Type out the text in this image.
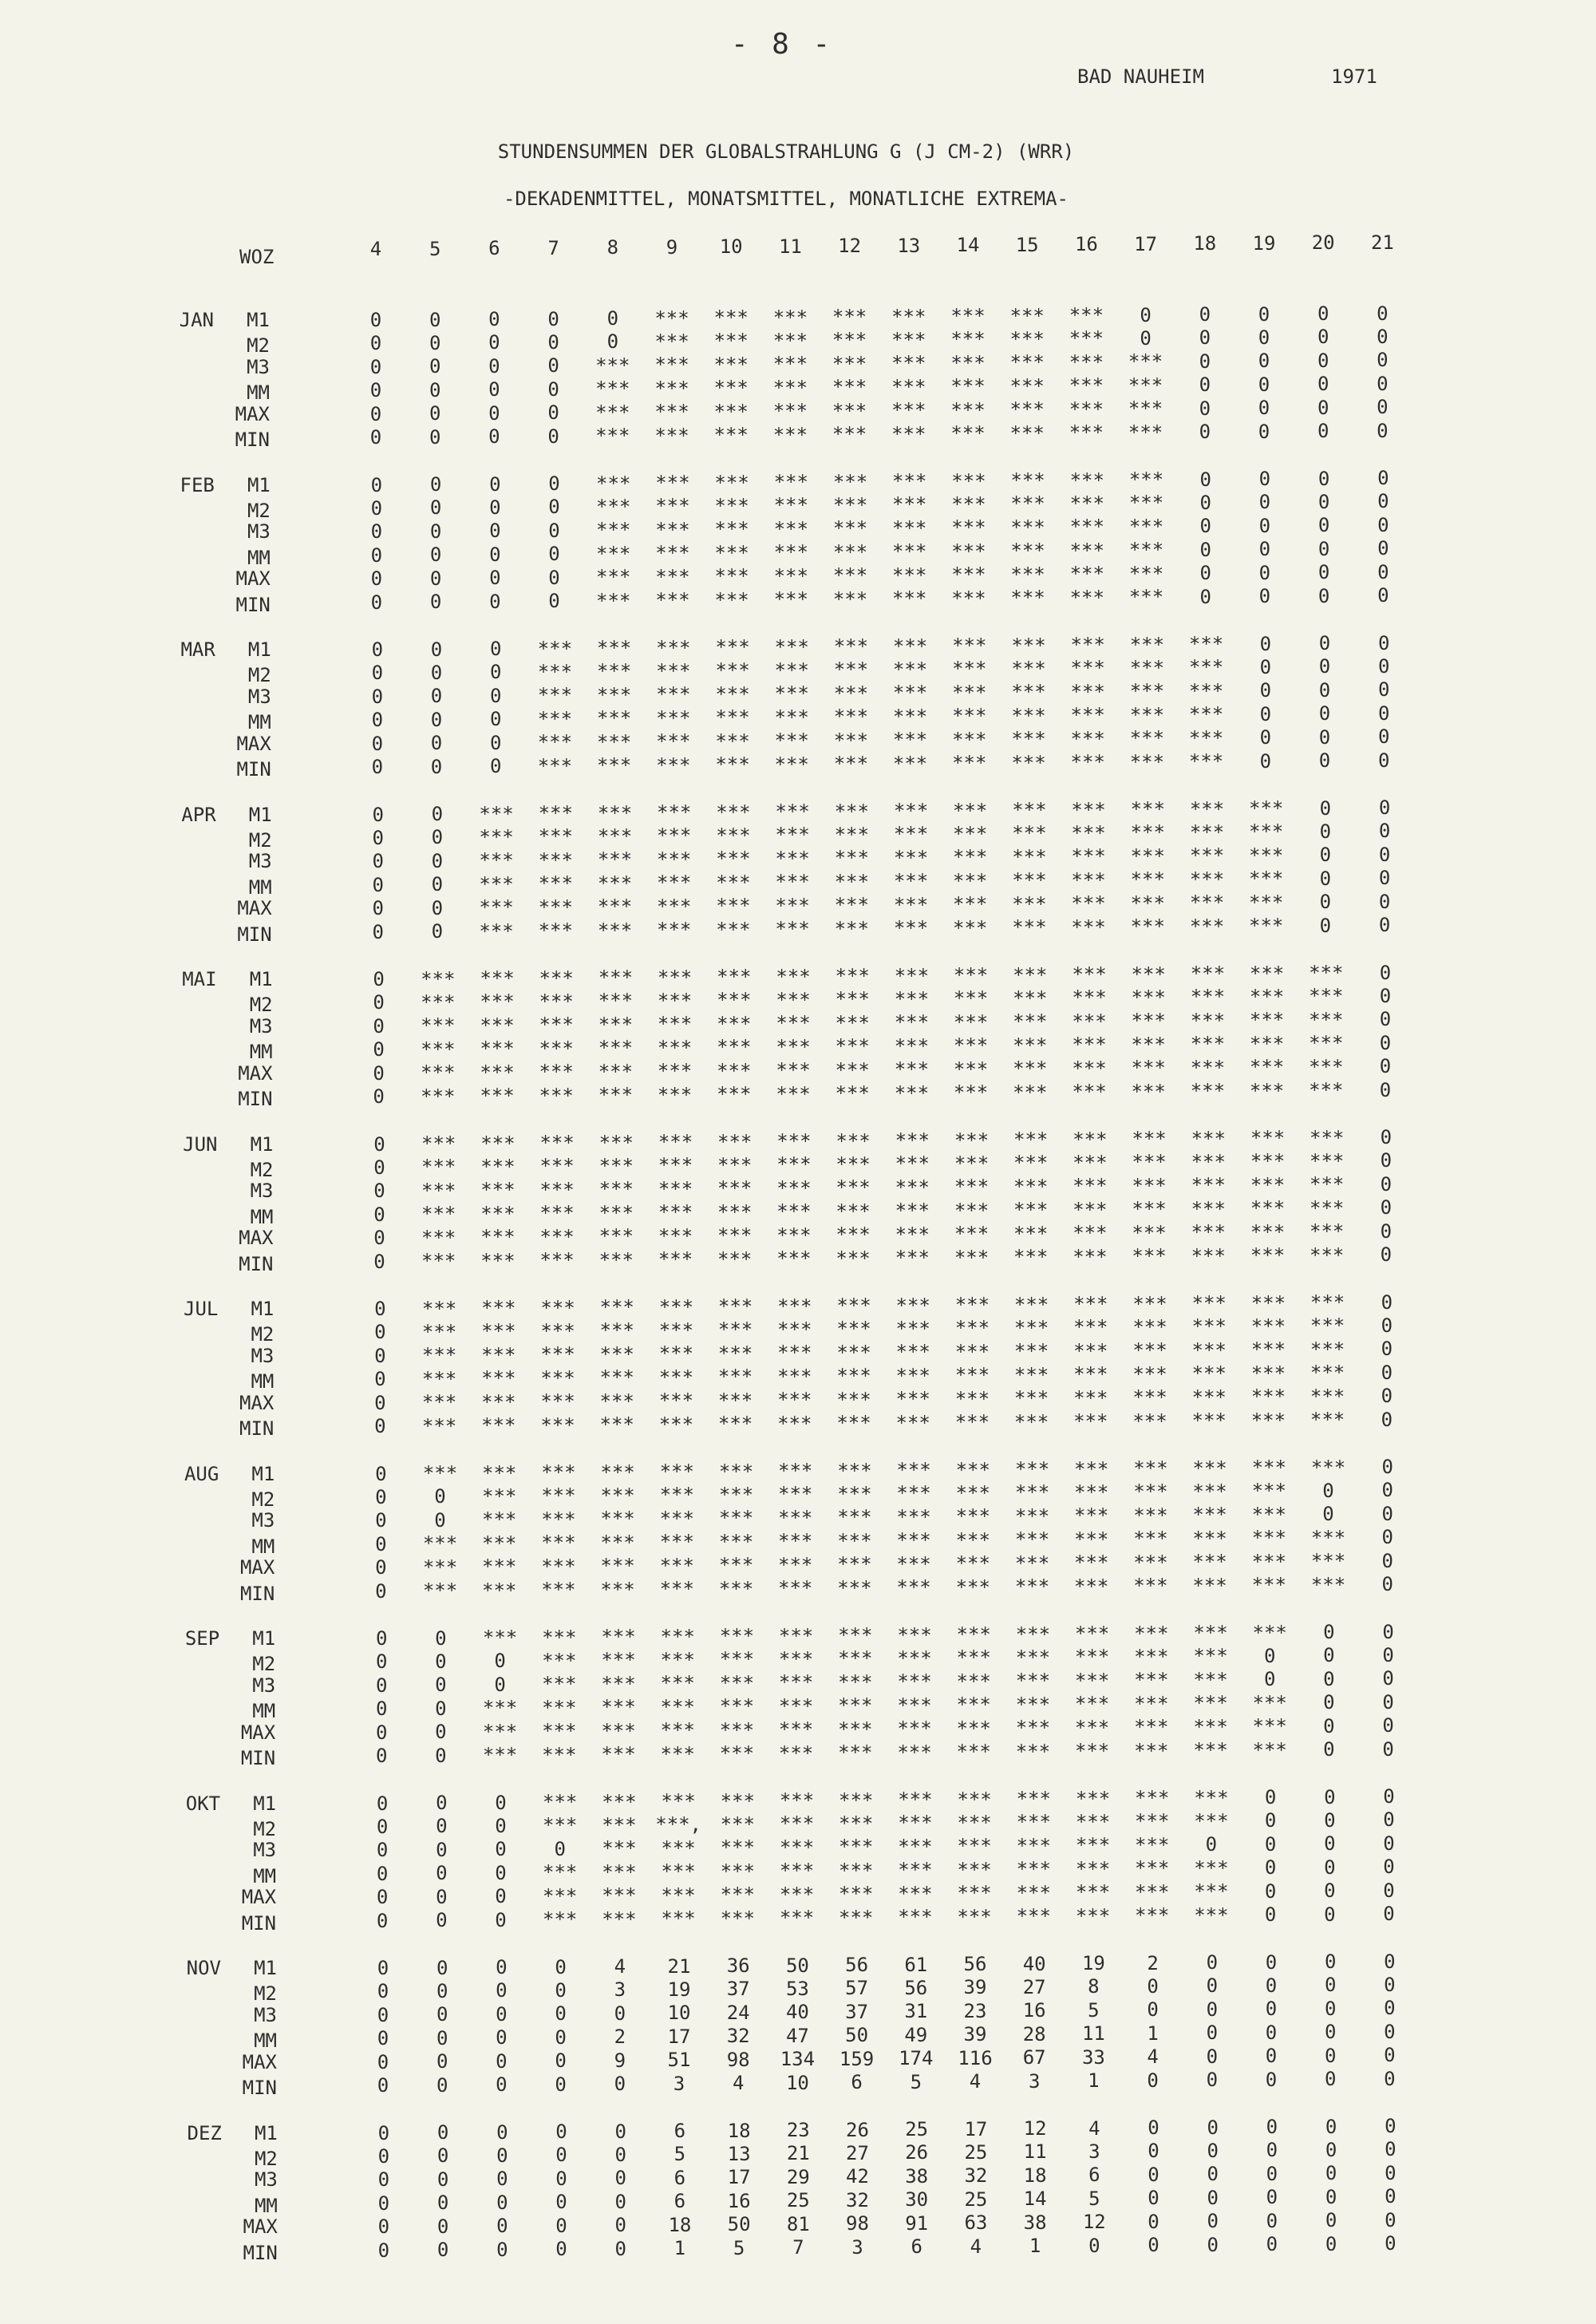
- 8 -
BAD NAUHEIM	1971
STUNDENSUMMEN DER GLOBALSTRAHLUNG G (J CM-2) (WRR)
-DEKADENMITTEL, MONATSMITTEL, MONATLICHE EXTREMA-
WOZ	4	5	6	7	8	9	10	11	12	13	14	15	16	17	18	19	20	21
JAN	M1	0	0	0	0	0	***	***	***	***	***	***	***	***	0	0	0	0	0
M2	0	0	0	0	0	***	***	***	***	***	***	***	***	0	0	0	0	0
M3	0	0	0	0	***	***	***	***	***	***	***	***	***	***	0	0	0	0
MM	0	0	0	0	***	***	***	***	***	***	***	***	***	***	0	0	0	0
MAX	0	0	0	0	***	***	***	***	***	***	***	***	***	***	0	0	0	0
MIN	0	0	0	0	***	***	***	***	***	***	***	***	***	***	0	0	0	0
FEB	M1	0	0	0	0	***	***	***	***	***	***	***	***	***	***	0	0	0	0
M2	0	0	0	0	***	***	***	***	***	***	***	***	***	***	0	0	0	0
M3	0	0	0	0	***	***	***	***	***	***	***	***	***	***	0	0	0	0
MM	0	0	0	0	***	***	***	***	***	***	***	***	***	***	0	0	0	0
MAX	0	0	0	0	***	***	***	***	***	***	***	***	***	***	0	0	0	0
MIN	0	0	0	0	***	***	***	***	***	***	***	***	***	***	0	0	0	0
MAR	M1	0	0	0	***	***	***	***	***	***	***	***	***	***	***	***	0	0	0
M2	0	0	0	***	***	***	***	***	***	***	***	***	***	***	***	0	0	0
M3	0	0	0	***	***	***	***	***	***	***	***	***	***	***	***	0	0	0
MM	0	0	0	***	***	***	***	***	***	***	***	***	***	***	***	0	0	0
MAX	0	0	0	***	***	***	***	***	***	***	***	***	***	***	***	0	0	0
MIN	0	0	0	***	***	***	***	***	***	***	***	***	***	***	***	0	0	0
APR	M1	0	0	***	***	***	***	***	***	***	***	***	***	***	***	***	***	0	0
M2	0	0	***	***	***	***	***	***	***	***	***	***	***	***	***	***	0	0
M3	0	0	***	***	***	***	***	***	***	***	***	***	***	***	***	***	0	0
MM	0	0	***	***	***	***	***	***	***	***	***	***	***	***	***	***	0	0
MAX	0	0	***	***	***	***	***	***	***	***	***	***	***	***	***	***	0	0
MIN	0	0	***	***	***	***	***	***	***	***	***	***	***	***	***	***	0	0
MAI	M1	0	***	***	***	***	***	***	***	***	***	***	***	***	***	***	***	***	0
M2	0	***	***	***	***	***	***	***	***	***	***	***	***	***	***	***	***	0
M3	0	***	***	***	***	***	***	***	***	***	***	***	***	***	***	***	***	0
MM	0	***	***	***	***	***	***	***	***	***	***	***	***	***	***	***	***	0
MAX	0	***	***	***	***	***	***	***	***	***	***	***	***	***	***	***	***	0
MIN	0	***	***	***	***	***	***	***	***	***	***	***	***	***	***	***	***	0
JUN	M1	0	***	***	***	***	***	***	***	***	***	***	***	***	***	***	***	***	0
M2	0	***	***	***	***	***	***	***	***	***	***	***	***	***	***	***	***	0
M3	0	***	***	***	***	***	***	***	***	***	***	***	***	***	***	***	***	0
MM	0	***	***	***	***	***	***	***	***	***	***	***	***	***	***	***	***	0
MAX	0	***	***	***	***	***	***	***	***	***	***	***	***	***	***	***	***	0
MIN	0	***	***	***	***	***	***	***	***	***	***	***	***	***	***	***	***	0
JUL	M1	0	***	***	***	***	***	***	***	***	***	***	***	***	***	***	***	***	0
M2	0	***	***	***	***	***	***	***	***	***	***	***	***	***	***	***	***	0
M3	0	***	***	***	***	***	***	***	***	***	***	***	***	***	***	***	***	0
MM	0	***	***	***	***	***	***	***	***	***	***	***	***	***	***	***	***	0
MAX	0	***	***	***	***	***	***	***	***	***	***	***	***	***	***	***	***	0
MIN	0	***	***	***	***	***	***	***	***	***	***	***	***	***	***	***	***	0
AUG	M1	0	***	***	***	***	***	***	***	***	***	***	***	***	***	***	***	***	0
M2	0	0	***	***	***	***	***	***	***	***	***	***	***	***	***	***	0	0
M3	0	0	***	***	***	***	***	***	***	***	***	***	***	***	***	***	0	0
MM	0	***	***	***	***	***	***	***	***	***	***	***	***	***	***	***	***	0
MAX	0	***	***	***	***	***	***	***	***	***	***	***	***	***	***	***	***	0
MIN	0	***	***	***	***	***	***	***	***	***	***	***	***	***	***	***	***	0
SEP	M1	0	0	***	***	***	***	***	***	***	***	***	***	***	***	***	***	0	0
M2	0	0	0	***	***	***	***	***	***	***	***	***	***	***	***	0	0	0
M3	0	0	0	***	***	***	***	***	***	***	***	***	***	***	***	0	0	0
MM	0	0	***	***	***	***	***	***	***	***	***	***	***	***	***	***	0	0
MAX	0	0	***	***	***	***	***	***	***	***	***	***	***	***	***	***	0	0
MIN	0	0	***	***	***	***	***	***	***	***	***	***	***	***	***	***	0	0
OKT	M1	0	0	0	***	***	***	***	***	***	***	***	***	***	***	***	0	0	0
M2	0	0	0	***	*** ***, ***	***	***	***	***	***	***	***	***	0	0	0
M3	0	0	0	0	***	***	***	***	***	***	***	***	***	***	0	0	0	0
MM	0	0	0	***	***	***	***	***	***	***	***	***	***	***	***	0	0	0
MAX	0	0	0	***	***	***	***	***	***	***	***	***	***	***	***	0	0	0
MIN	0	0	0	***	***	***	***	***	***	***	***	***	***	***	***	0	0	0
NOV	M1	0	0	0	0	4	21	36	50	56	61	56	40	19	2	0	0	0	0
M2	0	0	0	0	3	19	37	53	57	56	39	27	8	0	0	0	0	0
M3	0	0	0	0	0	10	24	40	37	31	23	16	5	0	0	0	0	0
MM	0	0	0	0	2	17	32	47	50	49	39	28	11	1	0	0	0	0
MAX	0	0	0	0	9	51	98	134	159	174	116	67	33	4	0	0	0	0
MIN	0	0	0	0	0	3	4	10	6	5	4	3	1	0	0	0	0	0
DEZ	M1	0	0	0	0	0	6	18	23	26	25	17	12	4	0	0	0	0	0
M2	0	0	0	0	0	5	13	21	27	26	25	11	3	0	0	0	0	0
M3	0	0	0	0	0	6	17	29	42	38	32	18	6	0	0	0	0	0
MM	0	0	0	0	0	6	16	25	32	30	25	14	5	0	0	0	0	0
MAX	0	0	0	0	0	18	50	81	98	91	63	38	12	0	0	0	0	0
MIN	0	0	0	0	0	1	5	7	3	6	4	1	0	0	0	0	0	0
